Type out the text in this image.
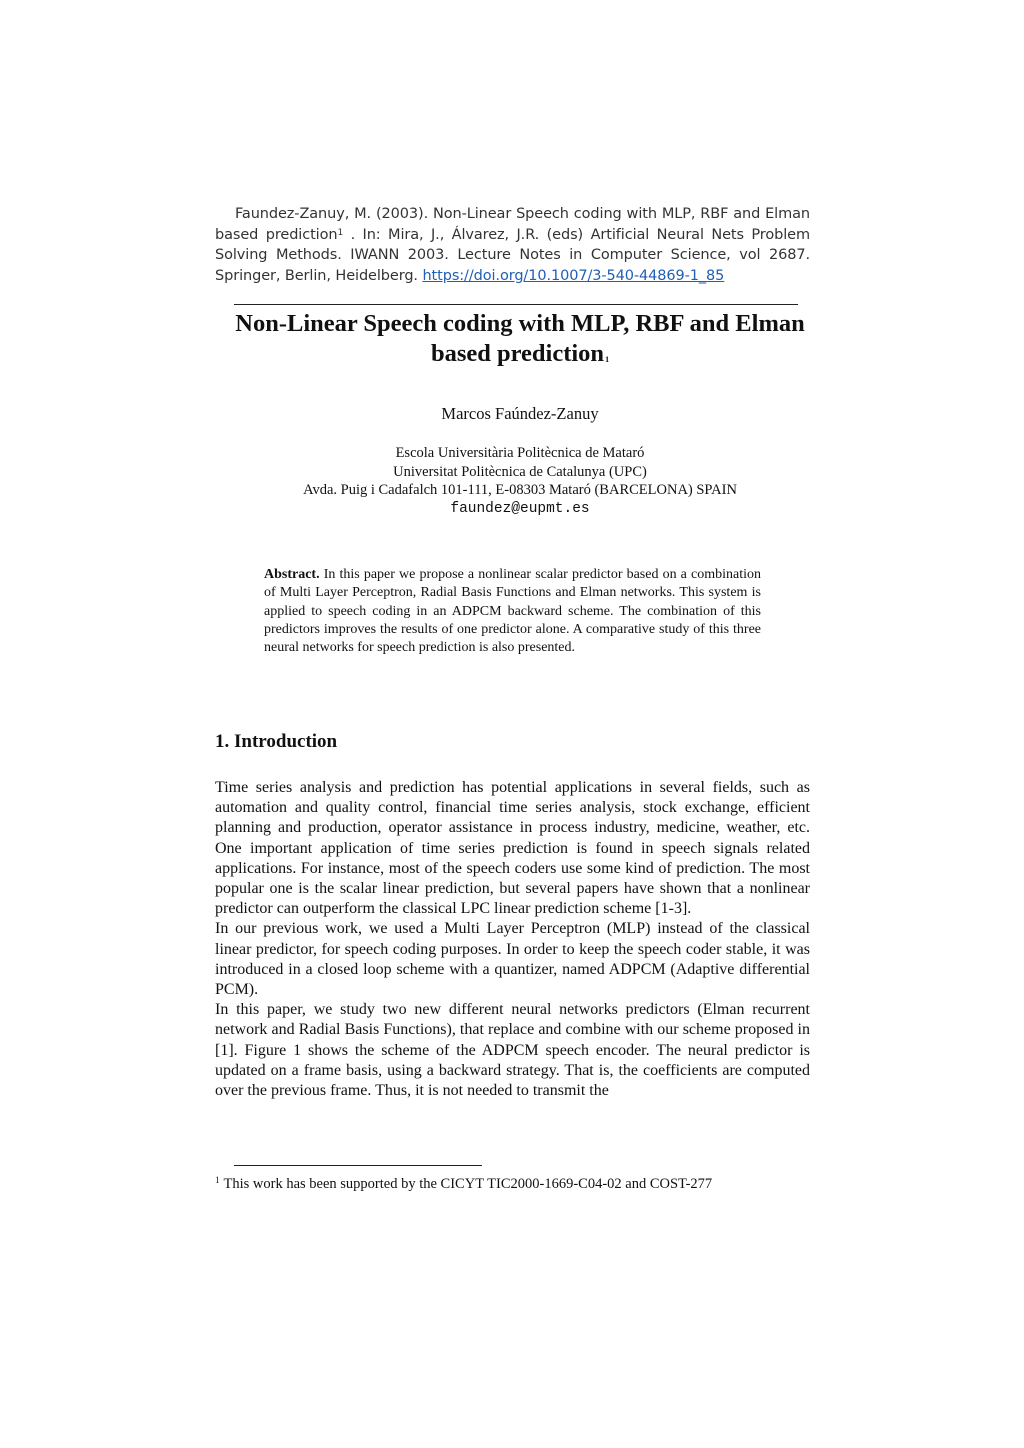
Faundez-Zanuy, M. (2003). Non-Linear Speech coding with MLP, RBF and Elman based prediction$^1$ . In: Mira, J., Álvarez, J.R. (eds) Artificial Neural Nets Problem Solving Methods. IWANN 2003. Lecture Notes in Computer Science, vol 2687. Springer, Berlin, Heidelberg. https://doi.org/10.1007/3-540-44869-1_85
Non-Linear Speech coding with MLP, RBF and Elman
based prediction$^1$
Marcos Faúndez-Zanuy
Escola Universitària Politècnica de Mataró
Universitat Politècnica de Catalunya (UPC)
Avda. Puig i Cadafalch 101-111, E-08303 Mataró (BARCELONA) SPAIN
faundez@eupmt.es
Abstract. In this paper we propose a nonlinear scalar predictor based on a combination of Multi Layer Perceptron, Radial Basis Functions and Elman networks. This system is applied to speech coding in an ADPCM backward scheme. The combination of this predictors improves the results of one predictor alone. A comparative study of this three neural networks for speech prediction is also presented.
1. Introduction

Time series analysis and prediction has potential applications in several fields, such as automation and quality control, financial time series analysis, stock exchange, efficient planning and production, operator assistance in process industry, medicine, weather, etc. One important application of time series prediction is found in speech signals related applications. For instance, most of the speech coders use some kind of prediction. The most popular one is the scalar linear prediction, but several papers have shown that a nonlinear predictor can outperform the classical LPC linear prediction scheme [1-3].

In our previous work, we used a Multi Layer Perceptron (MLP) instead of the classical linear predictor, for speech coding purposes. In order to keep the speech coder stable, it was introduced in a closed loop scheme with a quantizer, named ADPCM (Adaptive differential PCM).

In this paper, we study two new different neural networks predictors (Elman recurrent network and Radial Basis Functions), that replace and combine with our scheme proposed in [1]. Figure 1 shows the scheme of the ADPCM speech encoder. The neural predictor is updated on a frame basis, using a backward strategy. That is, the coefficients are computed over the previous frame. Thus, it is not needed to transmit the

$^1$ This work has been supported by the CICYT TIC2000-1669-C04-02 and COST-277
